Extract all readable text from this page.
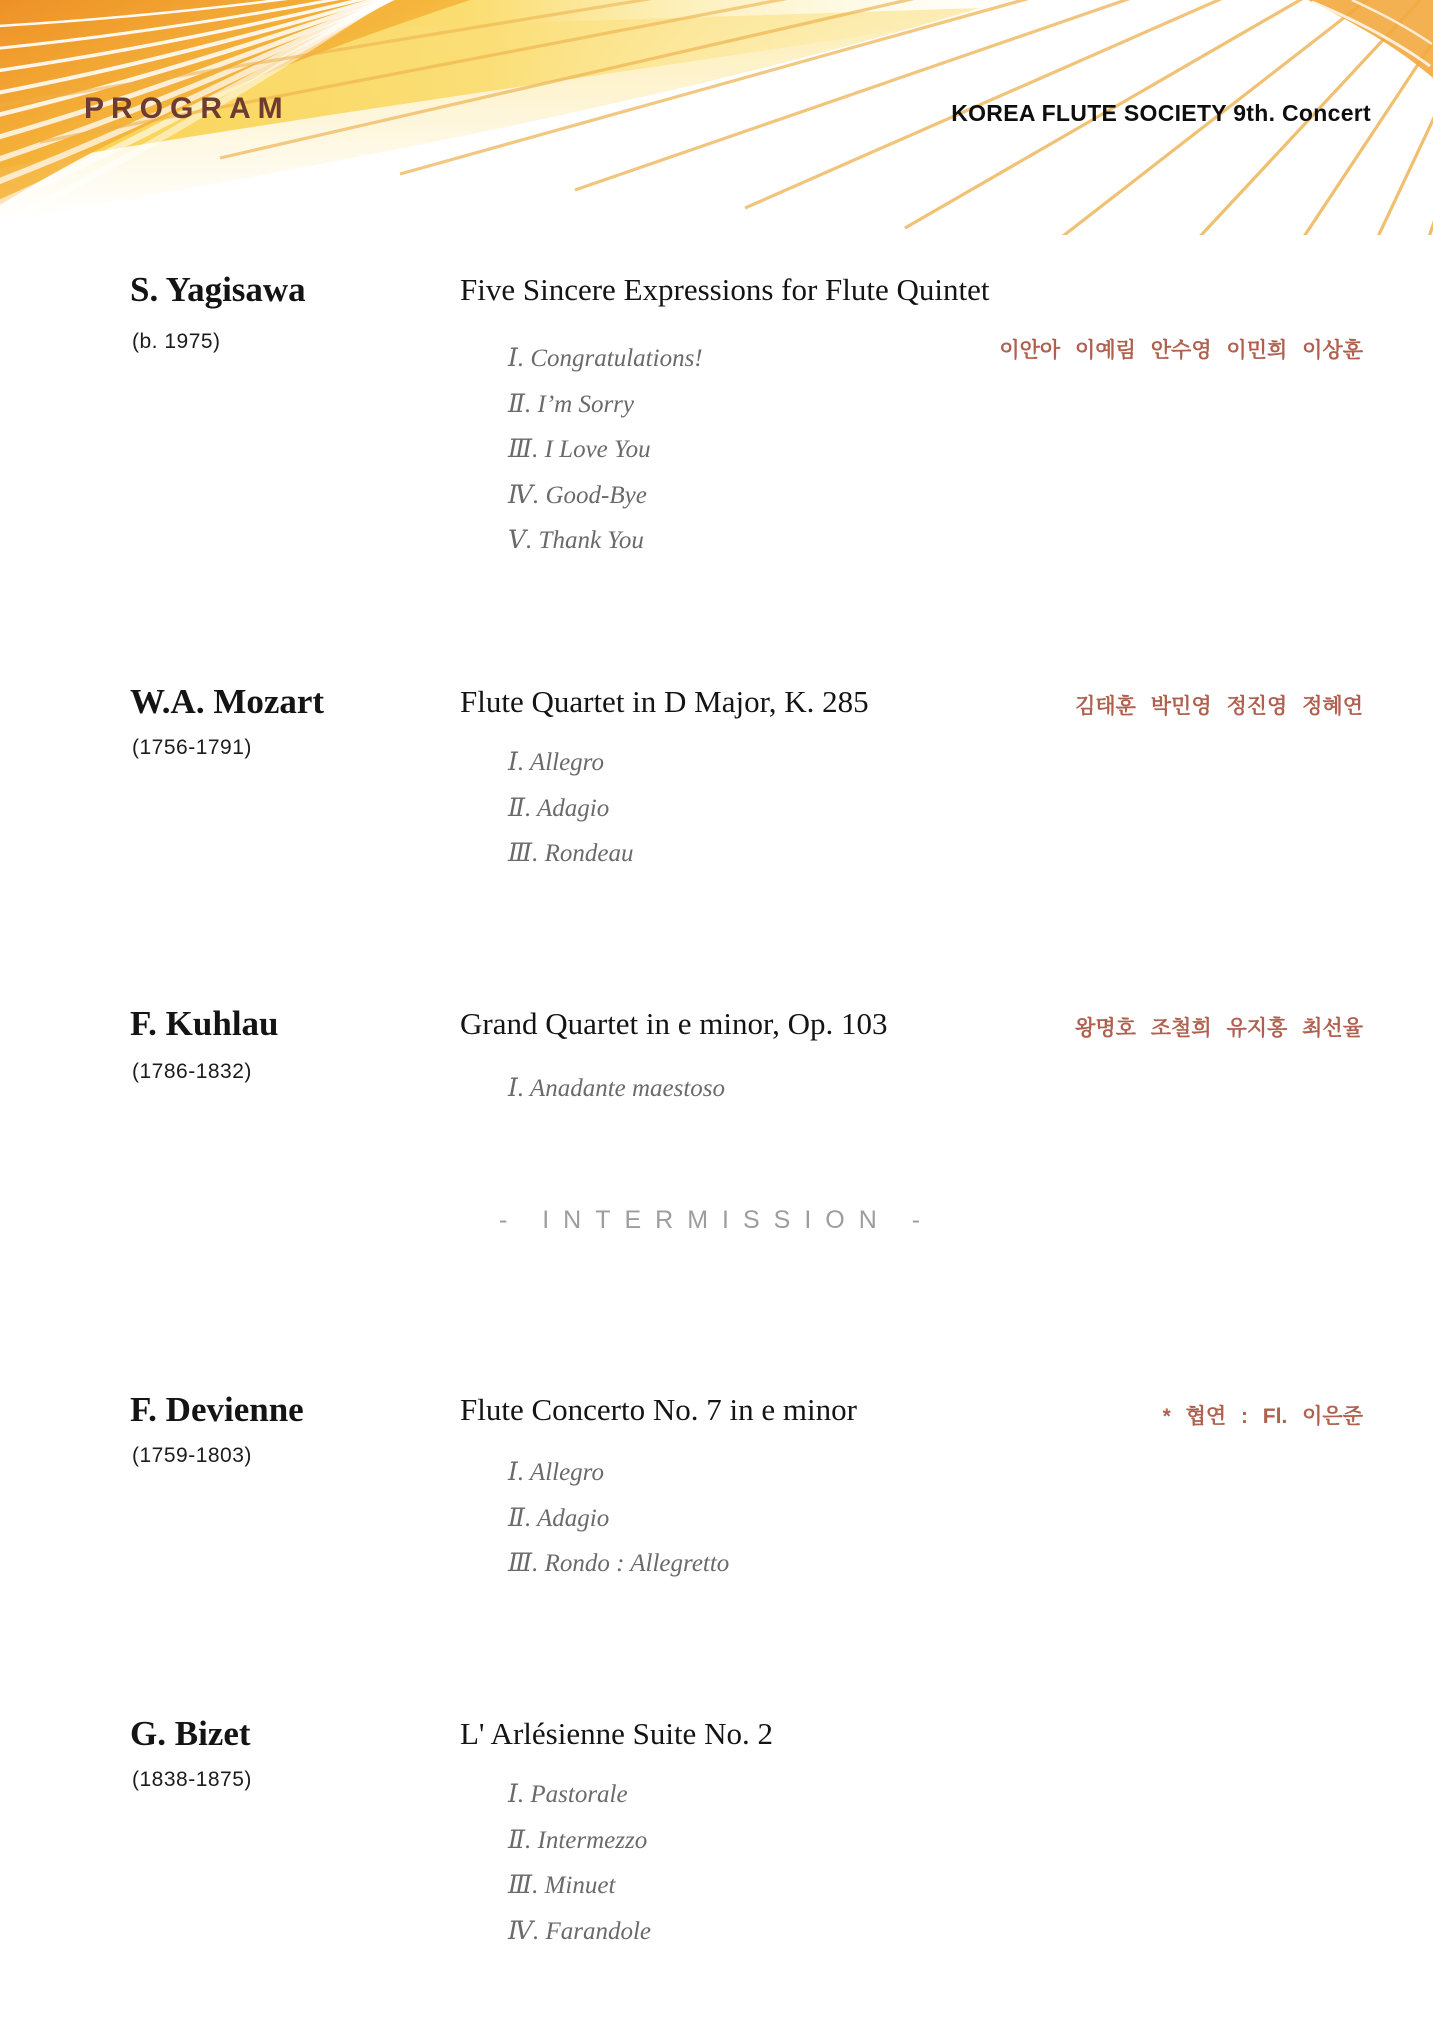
PROGRAM	KOREA FLUTE SOCIETY 9th. Concert
S. Yagisawa
(b. 1975)
Five Sincere Expressions for Flute Quintet
이안아 이예림 안수영 이민희 이상훈
Ⅰ. Congratulations!
Ⅱ. I’m Sorry
Ⅲ. I Love You
Ⅳ. Good-Bye
Ⅴ. Thank You
W.A. Mozart
(1756-1791)
Flute Quartet in D Major, K. 285	김태훈 박민영 정진영 정혜연
Ⅰ. Allegro
Ⅱ. Adagio
Ⅲ. Rondeau
F. Kuhlau
(1786-1832)
Grand Quartet in e minor, Op. 103	왕명호 조철희 유지홍 최선율
Ⅰ. Anadante maestoso
- INTERMISSION -
F. Devienne
(1759-1803)
Flute Concerto No. 7 in e minor	* 협연 : Fl. 이은준
Ⅰ. Allegro
Ⅱ. Adagio
Ⅲ. Rondo : Allegretto
G. Bizet
(1838-1875)
L' Arlésienne Suite No. 2
Ⅰ. Pastorale
Ⅱ. Intermezzo
Ⅲ. Minuet
Ⅳ. Farandole
